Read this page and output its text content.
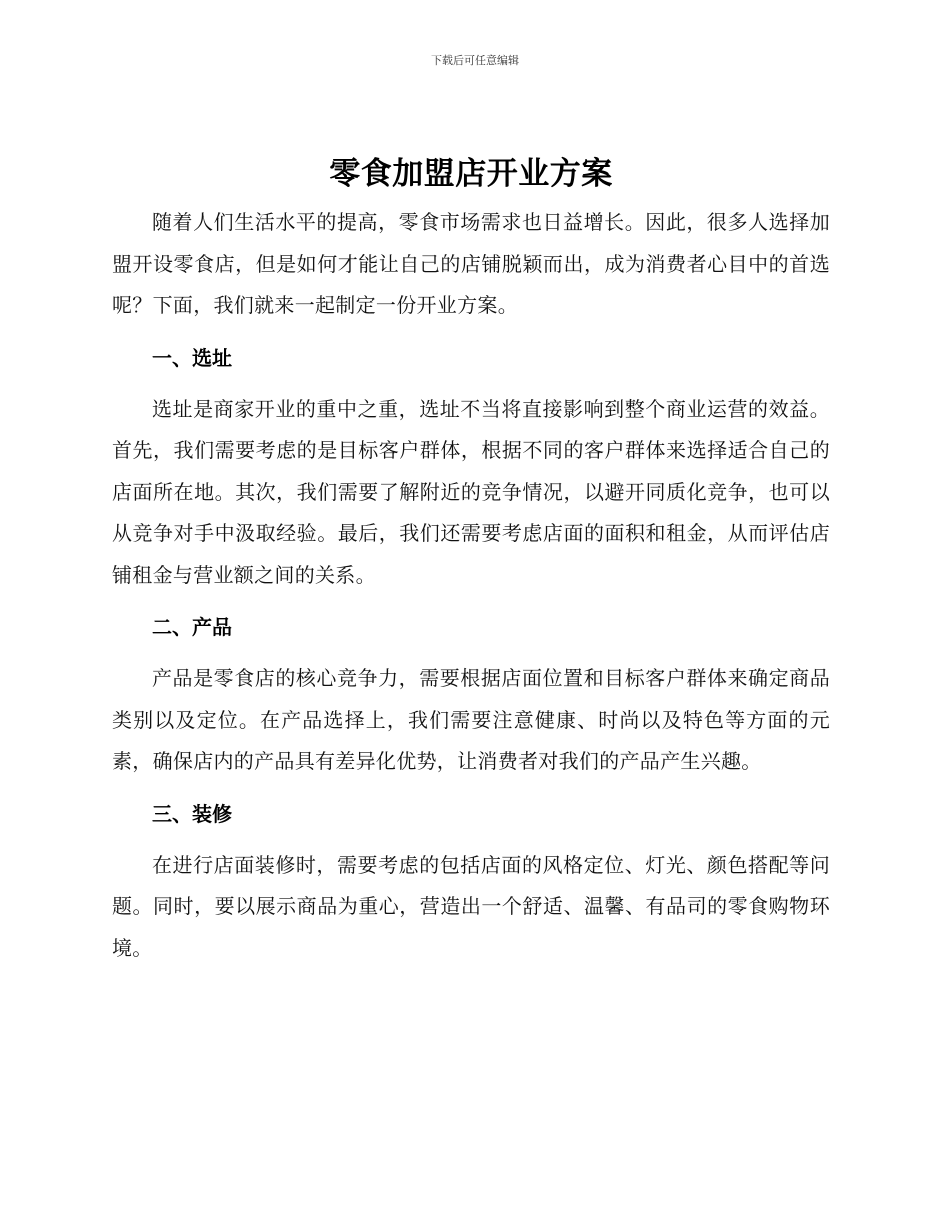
下载后可任意编辑
零食加盟店开业方案

随着人们生活水平的提高，零食市场需求也日益增长。因此，很多人选择加盟开设零食店，但是如何才能让自己的店铺脱颖而出，成为消费者心目中的首选呢？下面，我们就来一起制定一份开业方案。

一、选址

选址是商家开业的重中之重，选址不当将直接影响到整个商业运营的效益。首先，我们需要考虑的是目标客户群体，根据不同的客户群体来选择适合自己的店面所在地。其次，我们需要了解附近的竞争情况，以避开同质化竞争，也可以从竞争对手中汲取经验。最后，我们还需要考虑店面的面积和租金，从而评估店铺租金与营业额之间的关系。

二、产品

产品是零食店的核心竞争力，需要根据店面位置和目标客户群体来确定商品类别以及定位。在产品选择上，我们需要注意健康、时尚以及特色等方面的元素，确保店内的产品具有差异化优势，让消费者对我们的产品产生兴趣。

三、装修

在进行店面装修时，需要考虑的包括店面的风格定位、灯光、颜色搭配等问题。同时，要以展示商品为重心，营造出一个舒适、温馨、有品司的零食购物环境。
